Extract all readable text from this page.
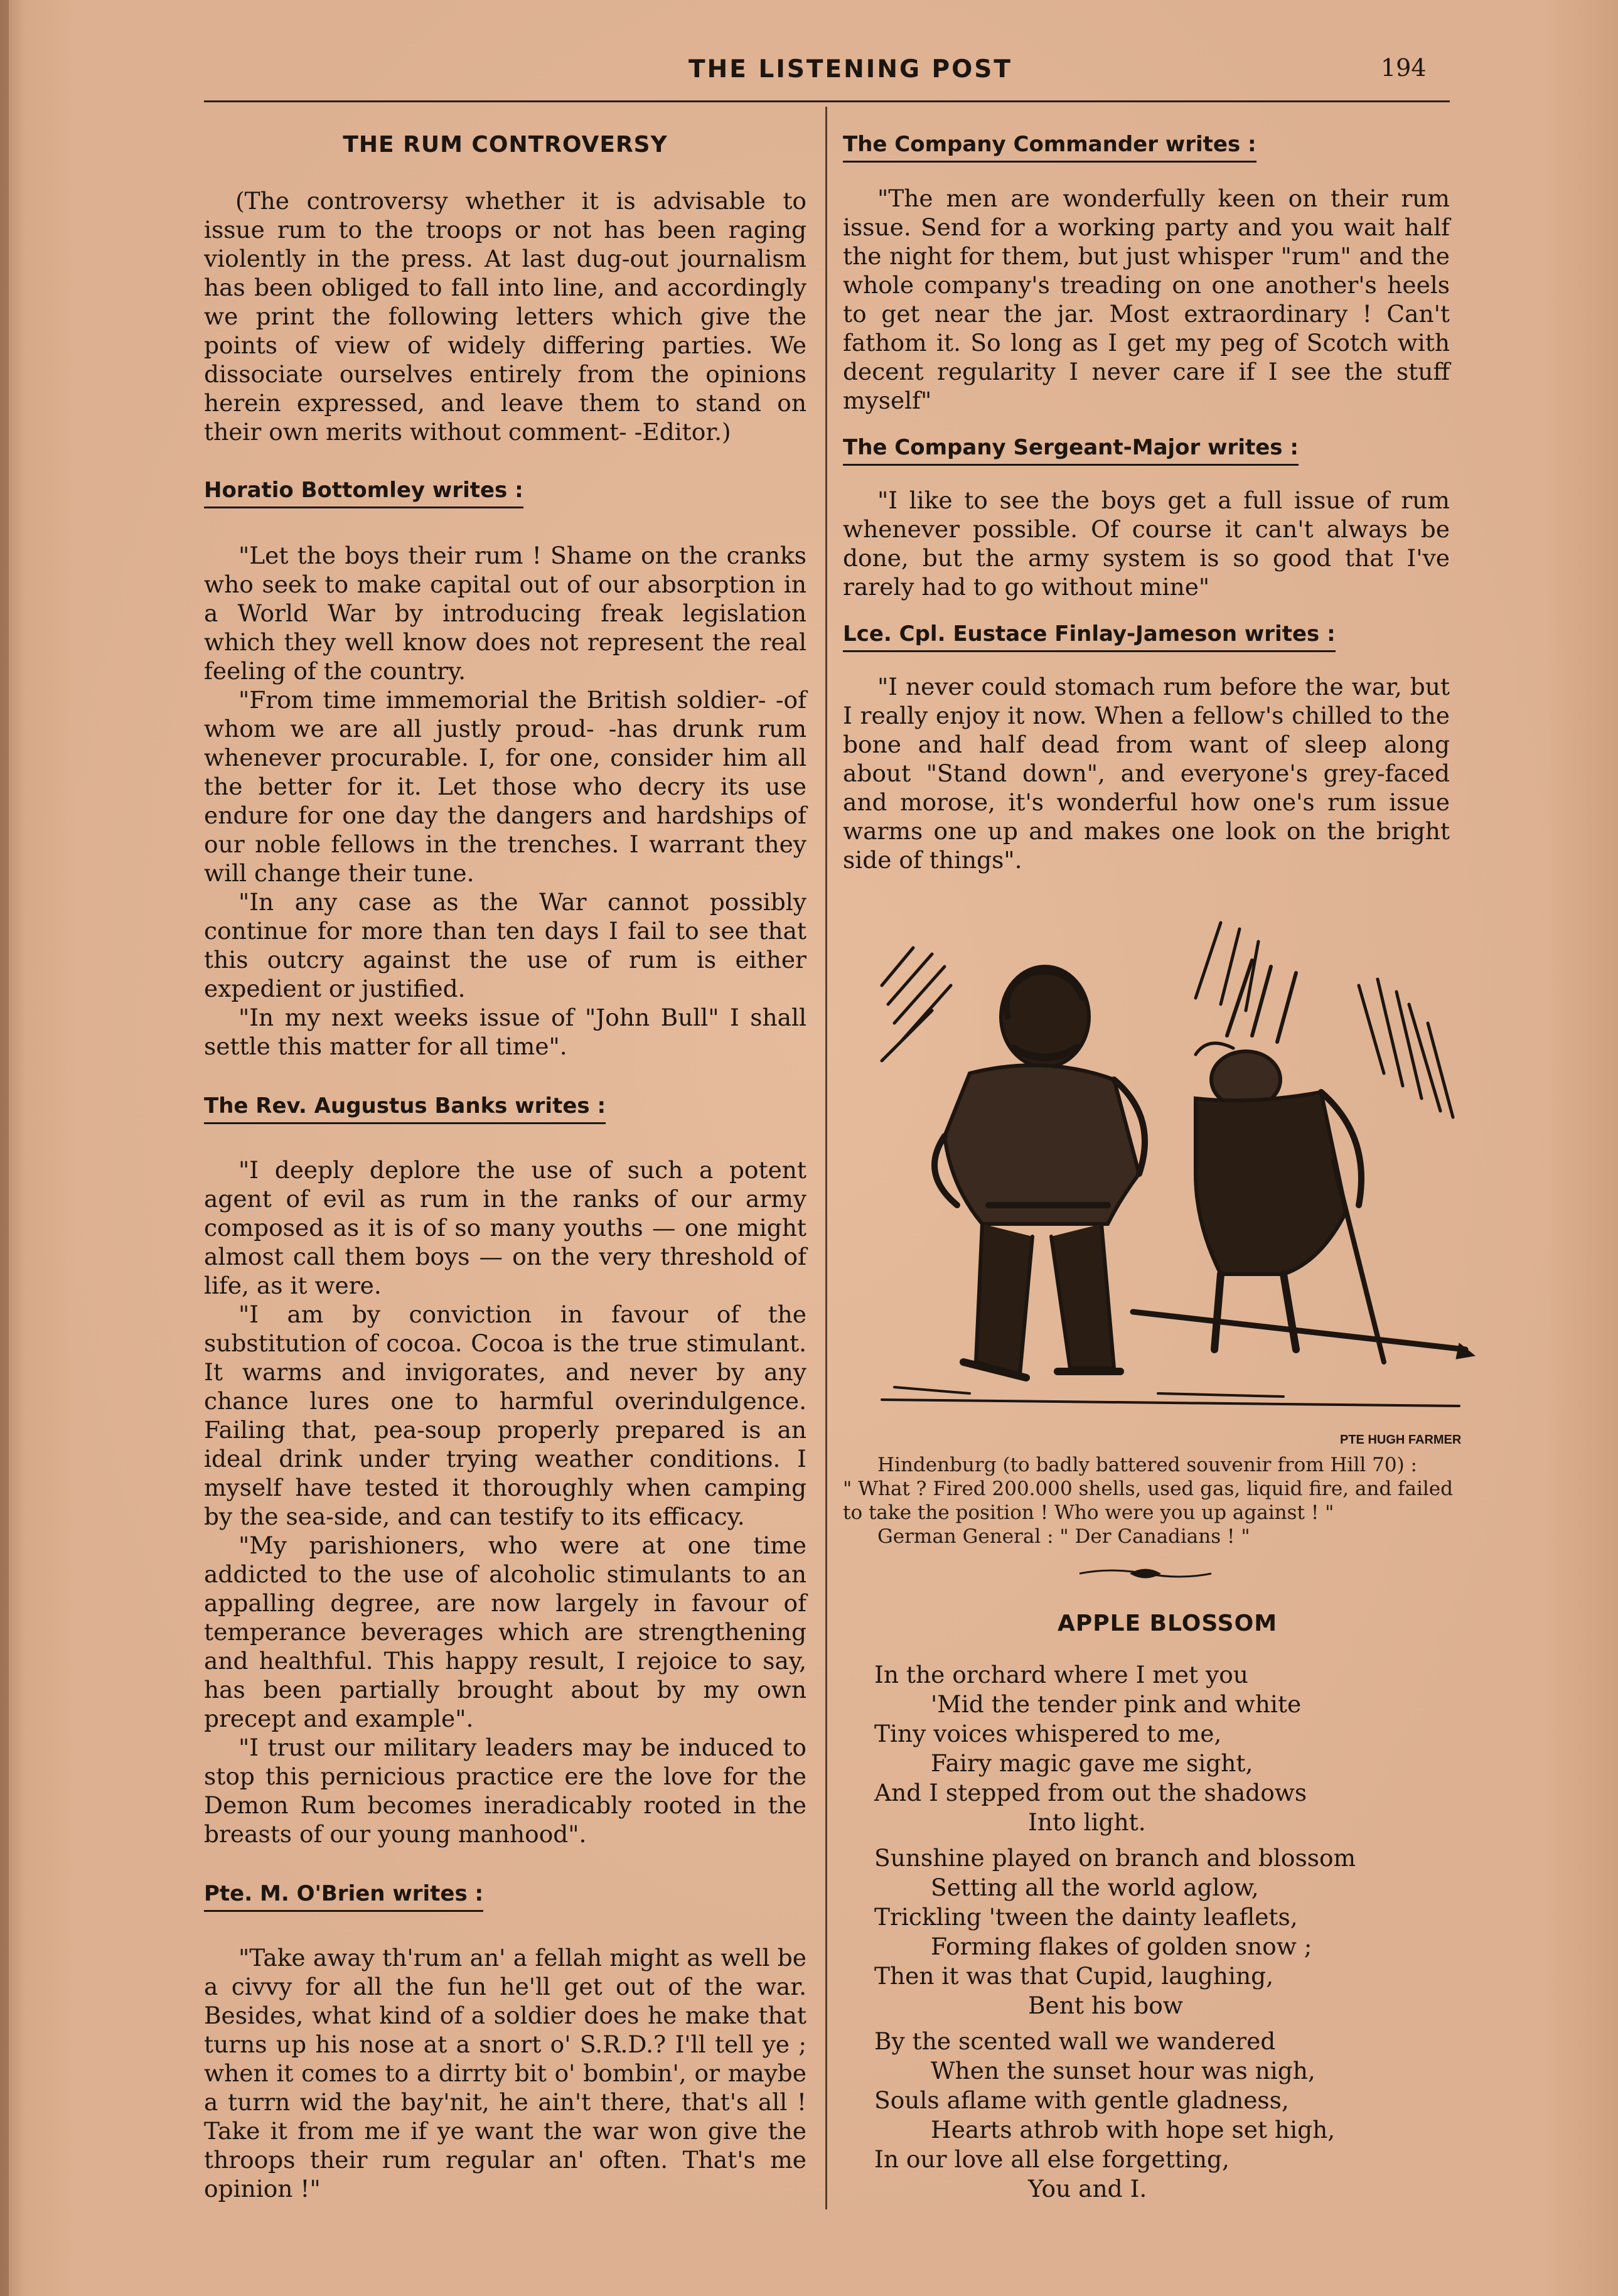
THE LISTENING POST	194
THE RUM CONTROVERSY

(The controversy whether it is advisable to issue rum to the troops or not has been raging violently in the press. At last dug-out journalism has been obliged to fall into line, and accordingly we print the following letters which give the points of view of widely differing parties. We dissociate ourselves entirely from the opinions herein expressed, and leave them to stand on their own merits without comment- -Editor.)

Horatio Bottomley writes :

"Let the boys their rum ! Shame on the cranks who seek to make capital out of our absorption in a World War by introducing freak legislation which they well know does not represent the real feeling of the country.

"From time immemorial the British soldier- -of whom we are all justly proud- -has drunk rum whenever procurable. I, for one, consider him all the better for it. Let those who decry its use endure for one day the dangers and hardships of our noble fellows in the trenches. I warrant they will change their tune.

"In any case as the War cannot possibly continue for more than ten days I fail to see that this outcry against the use of rum is either expedient or justified.

"In my next weeks issue of "John Bull" I shall settle this matter for all time".

The Rev. Augustus Banks writes :

"I deeply deplore the use of such a potent agent of evil as rum in the ranks of our army composed as it is of so many youths — one might almost call them boys — on the very threshold of life, as it were.

"I am by conviction in favour of the substitution of cocoa. Cocoa is the true stimulant. It warms and invigorates, and never by any chance lures one to harmful overindulgence. Failing that, pea-soup properly prepared is an ideal drink under trying weather conditions. I myself have tested it thoroughly when camping by the sea-side, and can testify to its efficacy.

"My parishioners, who were at one time addicted to the use of alcoholic stimulants to an appalling degree, are now largely in favour of temperance beverages which are strengthening and healthful. This happy result, I rejoice to say, has been partially brought about by my own precept and example".

"I trust our military leaders may be induced to stop this pernicious practice ere the love for the Demon Rum becomes ineradicably rooted in the breasts of our young manhood".

Pte. M. O'Brien writes :

"Take away th'rum an' a fellah might as well be a civvy for all the fun he'll get out of the war. Besides, what kind of a soldier does he make that turns up his nose at a snort o' S.R.D.? I'll tell ye ; when it comes to a dirrty bit o' bombin', or maybe a turrn wid the bay'nit, he ain't there, that's all ! Take it from me if ye want the war won give the throops their rum regular an' often. That's me opinion !"

The Company Commander writes :

"The men are wonderfully keen on their rum issue. Send for a working party and you wait half the night for them, but just whisper "rum" and the whole company's treading on one another's heels to get near the jar. Most extraordinary ! Can't fathom it. So long as I get my peg of Scotch with decent regularity I never care if I see the stuff myself"

The Company Sergeant-Major writes :

"I like to see the boys get a full issue of rum whenever possible. Of course it can't always be done, but the army system is so good that I've rarely had to go without mine"

Lce. Cpl. Eustace Finlay-Jameson writes :

"I never could stomach rum before the war, but I really enjoy it now. When a fellow's chilled to the bone and half dead from want of sleep along about "Stand down", and everyone's grey-faced and morose, it's wonderful how one's rum issue warms one up and makes one look on the bright side of things".

PTE HUGH FARMER

Hindenburg (to badly battered souvenir from Hill 70) :

" What ? Fired 200.000 shells, used gas, liquid fire, and failed to take the position ! Who were you up against ! "

German General : " Der Canadians ! "

APPLE BLOSSOM

In the orchard where I met you

'Mid the tender pink and white

Tiny voices whispered to me,

Fairy magic gave me sight,

And I stepped from out the shadows

Into light.

Sunshine played on branch and blossom

Setting all the world aglow,

Trickling 'tween the dainty leaflets,

Forming flakes of golden snow ;

Then it was that Cupid, laughing,

Bent his bow

By the scented wall we wandered

When the sunset hour was nigh,

Souls aflame with gentle gladness,

Hearts athrob with hope set high,

In our love all else forgetting,

You and I.
